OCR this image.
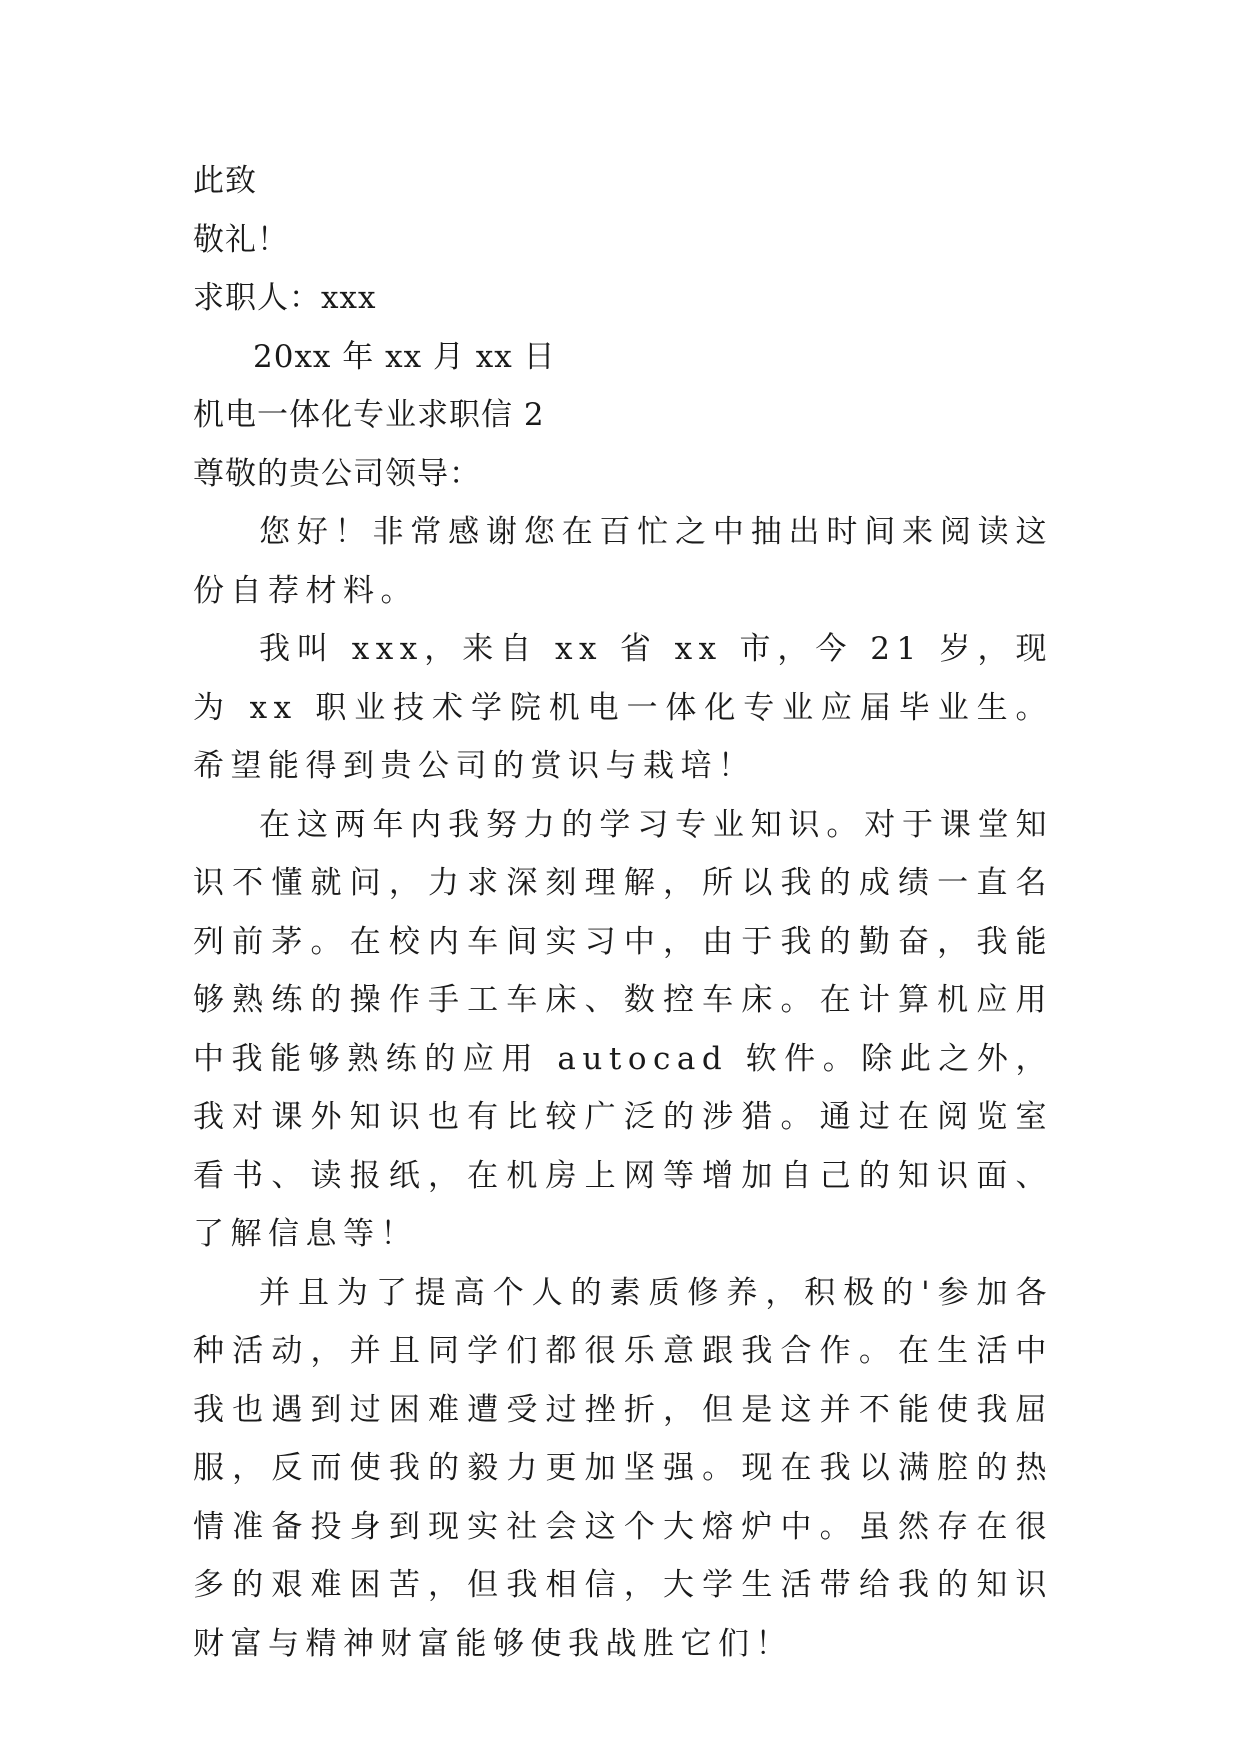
此致
敬礼！
求职人：xxx
20xx 年 xx 月 xx 日
机电一体化专业求职信 2
尊敬的贵公司领导：

您好！非常感谢您在百忙之中抽出时间来阅读这份自荐材料。

我叫 xxx，来自 xx 省 xx 市，今 21 岁，现为 xx 职业技术学院机电一体化专业应届毕业生。希望能得到贵公司的赏识与栽培！

在这两年内我努力的学习专业知识。对于课堂知识不懂就问，力求深刻理解，所以我的成绩一直名列前茅。在校内车间实习中，由于我的勤奋，我能够熟练的操作手工车床、数控车床。在计算机应用中我能够熟练的应用 autocad 软件。除此之外，我对课外知识也有比较广泛的涉猎。通过在阅览室看书、读报纸，在机房上网等增加自己的知识面、了解信息等！

并且为了提高个人的素质修养，积极的'参加各种活动，并且同学们都很乐意跟我合作。在生活中我也遇到过困难遭受过挫折，但是这并不能使我屈服，反而使我的毅力更加坚强。现在我以满腔的热情准备投身到现实社会这个大熔炉中。虽然存在很多的艰难困苦，但我相信，大学生活带给我的知识财富与精神财富能够使我战胜它们！
